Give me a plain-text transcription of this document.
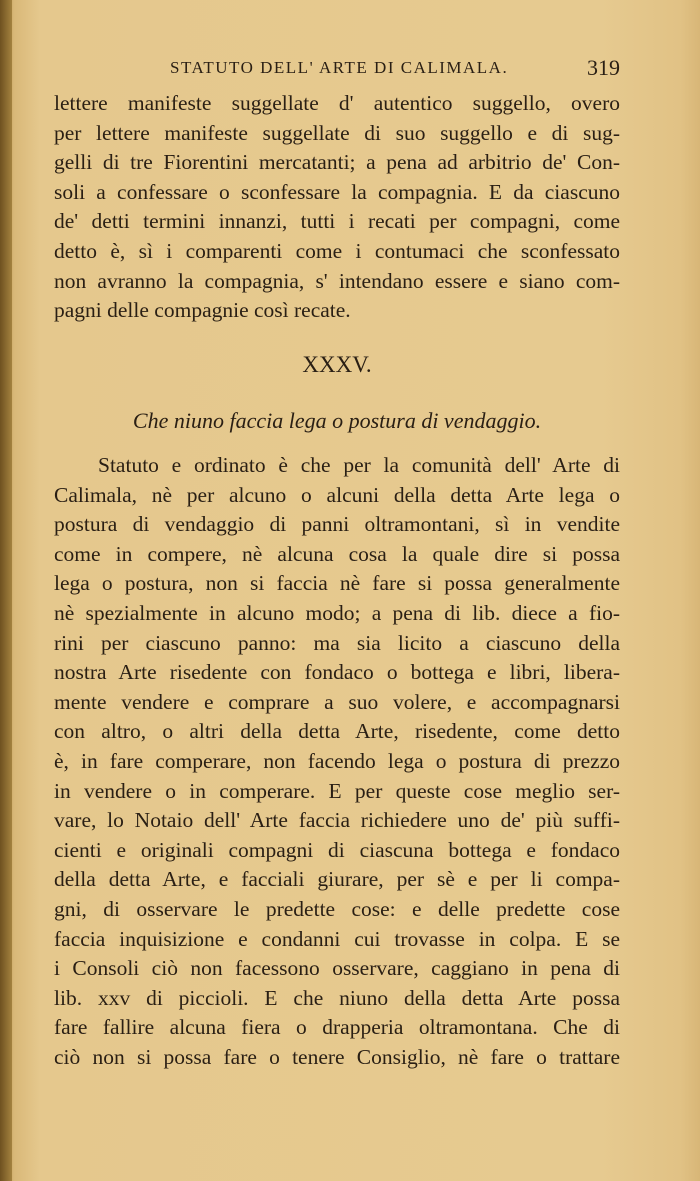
STATUTO DELL' ARTE DI CALIMALA.	319
lettere manifeste suggellate d' autentico suggello, overo
per lettere manifeste suggellate di suo suggello e di sug-
gelli di tre Fiorentini mercatanti; a pena ad arbitrio de' Con-
soli a confessare o sconfessare la compagnia. E da ciascuno
de' detti termini innanzi, tutti i recati per compagni, come
detto è, sì i comparenti come i contumaci che sconfessato
non avranno la compagnia, s' intendano essere e siano com-
pagni delle compagnie così recate.
XXXV.
Che niuno faccia lega o postura di vendaggio.
Statuto e ordinato è che per la comunità dell' Arte di
Calimala, nè per alcuno o alcuni della detta Arte lega o
postura di vendaggio di panni oltramontani, sì in vendite
come in compere, nè alcuna cosa la quale dire si possa
lega o postura, non si faccia nè fare si possa generalmente
nè spezialmente in alcuno modo; a pena di lib. diece a fio-
rini per ciascuno panno: ma sia licito a ciascuno della
nostra Arte risedente con fondaco o bottega e libri, libera-
mente vendere e comprare a suo volere, e accompagnarsi
con altro, o altri della detta Arte, risedente, come detto
è, in fare comperare, non facendo lega o postura di prezzo
in vendere o in comperare. E per queste cose meglio ser-
vare, lo Notaio dell' Arte faccia richiedere uno de' più suffi-
cienti e originali compagni di ciascuna bottega e fondaco
della detta Arte, e facciali giurare, per sè e per li compa-
gni, di osservare le predette cose: e delle predette cose
faccia inquisizione e condanni cui trovasse in colpa. E se
i Consoli ciò non facessono osservare, caggiano in pena di
lib. xxv di piccioli. E che niuno della detta Arte possa
fare fallire alcuna fiera o drapperia oltramontana. Che di
ciò non si possa fare o tenere Consiglio, nè fare o trattare
